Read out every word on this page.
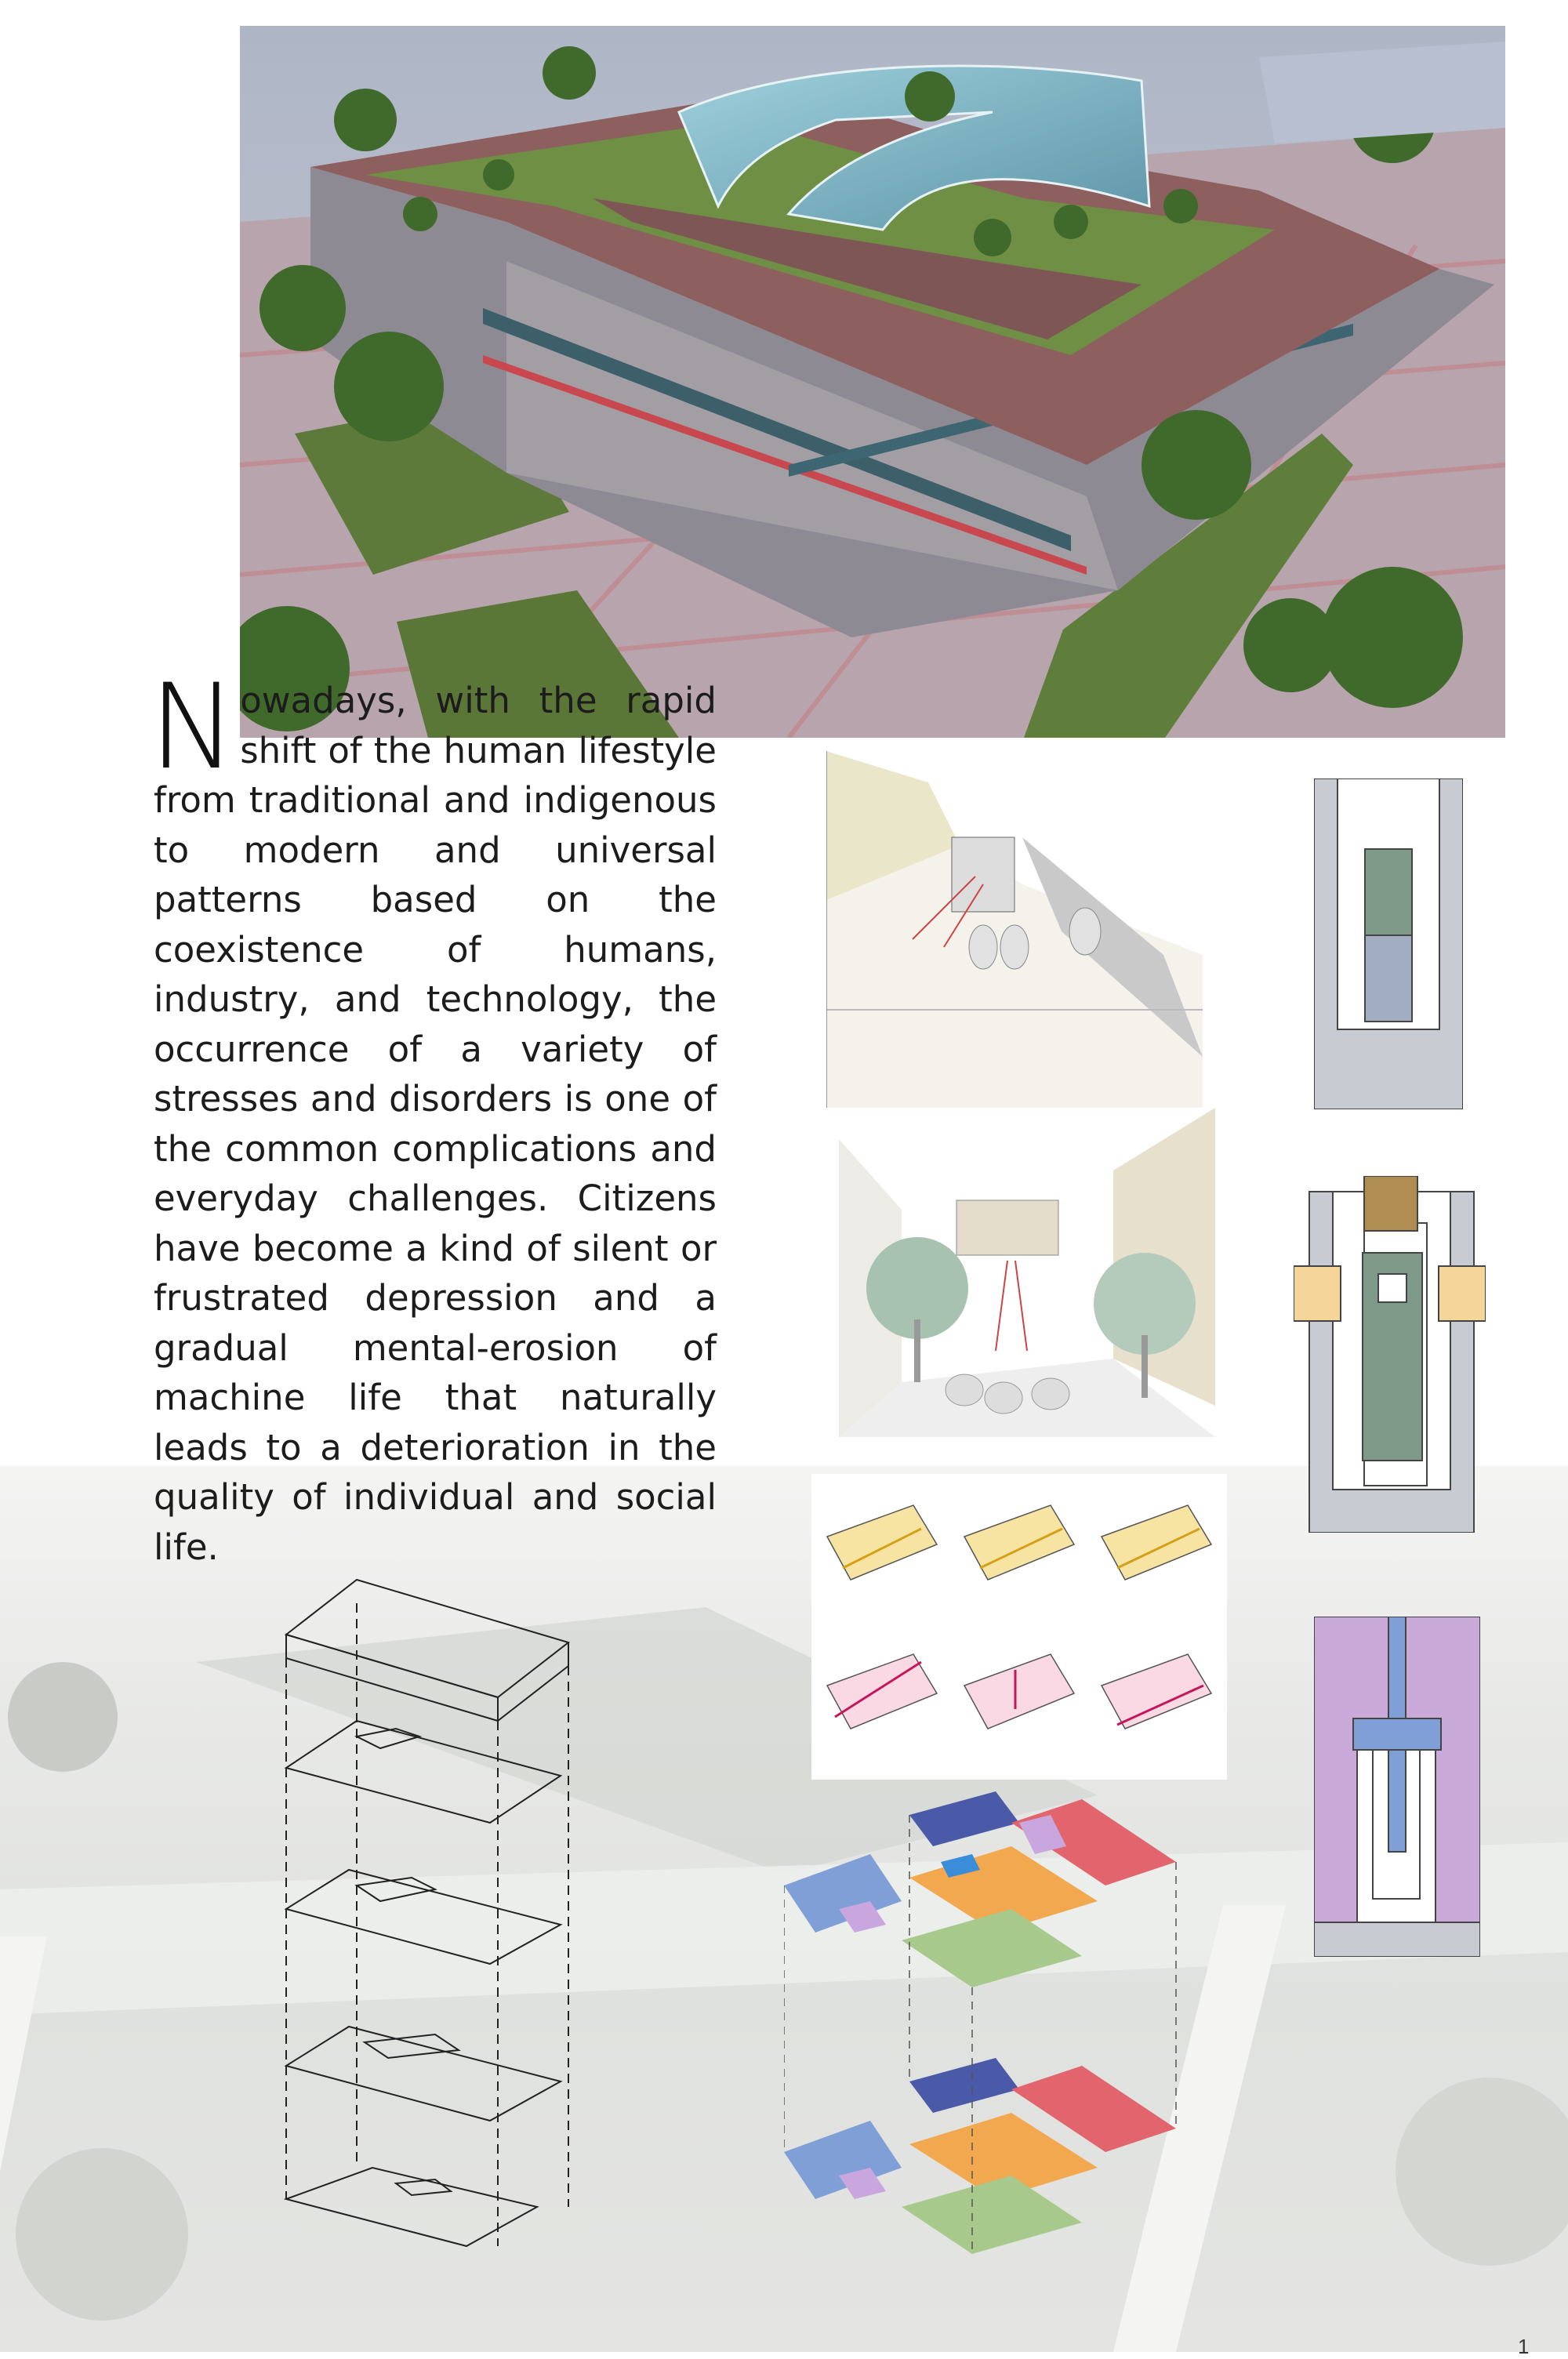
Nowadays, with the rapid shift of the human lifestyle from traditional and indigenous to modern and universal patterns based on the coexistence of humans, industry, and technology, the occurrence of a variety of stresses and disorders is one of the common complications and everyday challenges. Citizens have become a kind of silent or frustrated depression and a gradual mental-erosion of machine life that naturally leads to a deterioration in the quality of individual and social life.
1
